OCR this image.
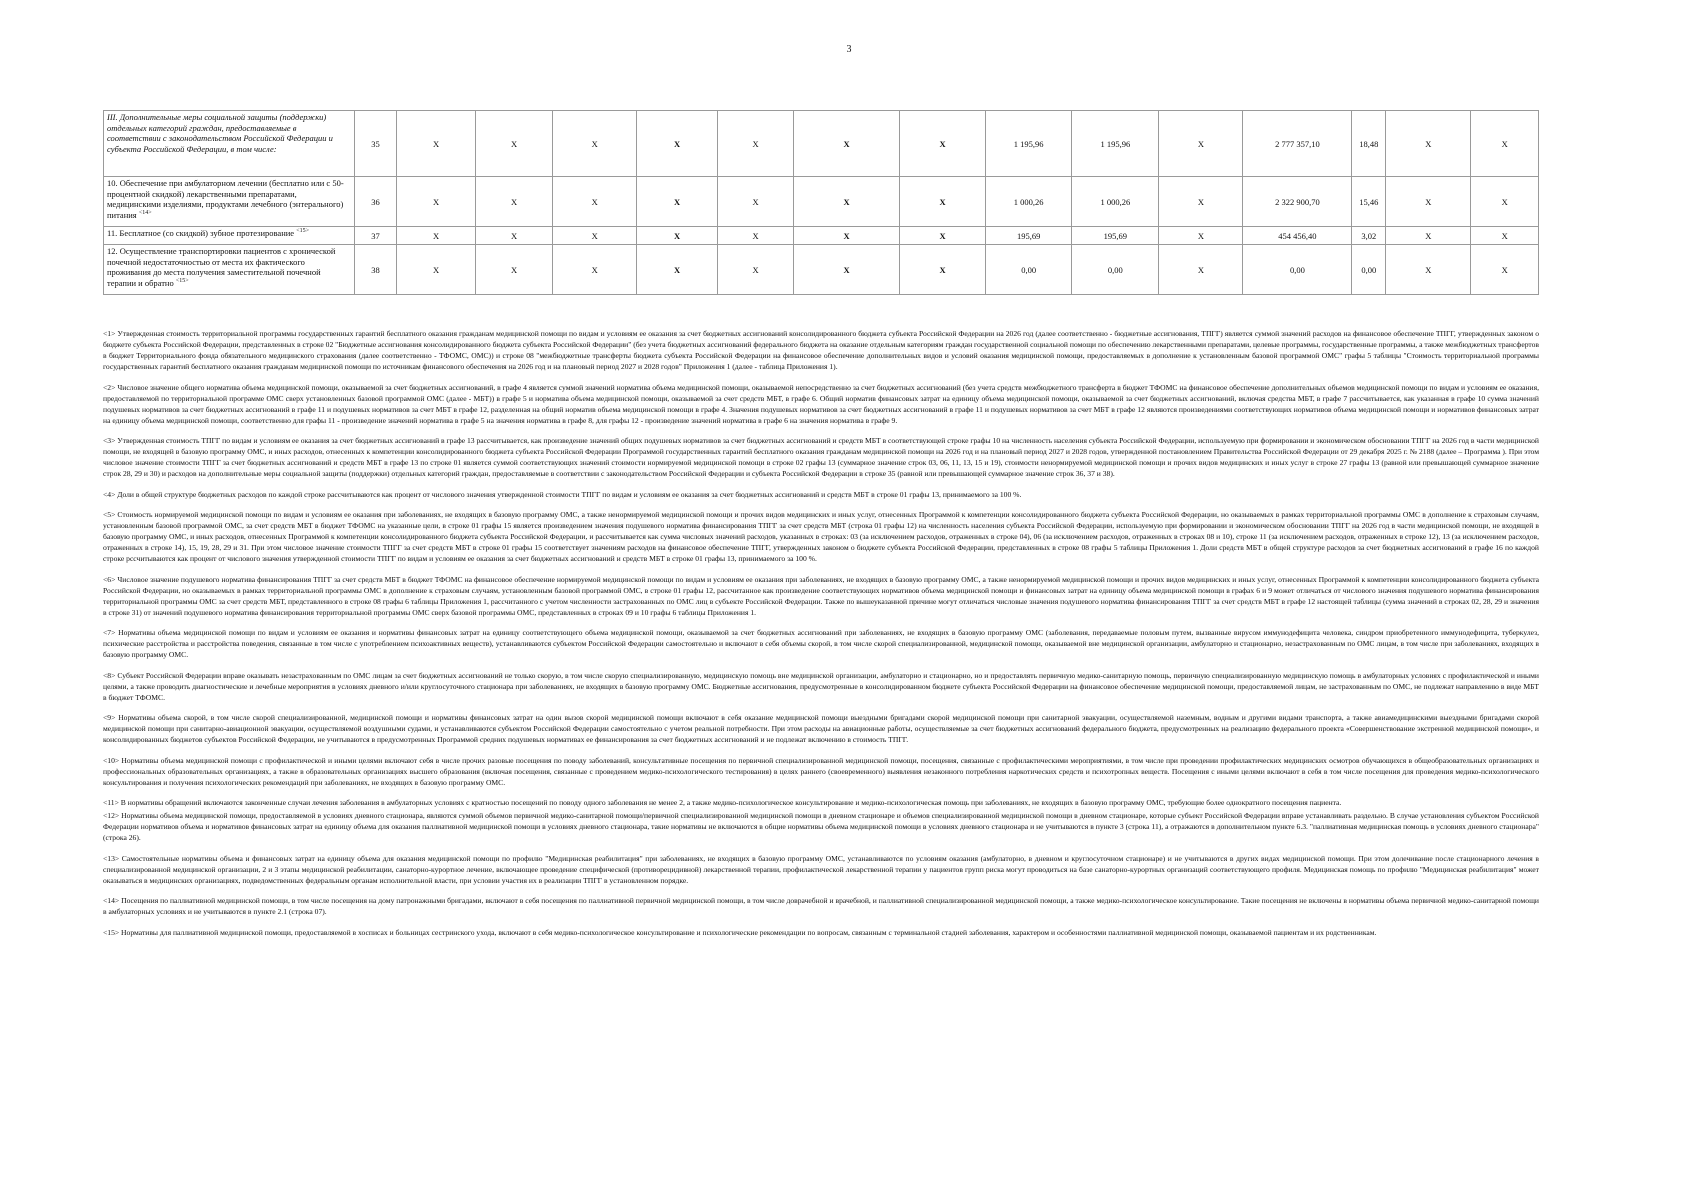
3
III. Дополнительные меры социальной защиты (поддержки) отдельных категорий граждан, предоставляемые в соответствии с законодательством Российской Федерации и субъекта Российской Федерации, в том числе:	35	X	X	X	X	X	X	X	1 195,96	1 195,96	X	2 777 357,10	18,48	X	X
10. Обеспечение при амбулаторном лечении (бесплатно или с 50- процентной скидкой) лекарственными препаратами, медицинскими изделиями, продуктами лечебного (энтерального) питания $^{<14>}$	36	X	X	X	X	X	X	X	1 000,26	1 000,26	X	2 322 900,70	15,46	X	X
11. Бесплатное (со скидкой) зубное протезирование $^{<15>}$	37	X	X	X	X	X	X	X	195,69	195,69	X	454 456,40	3,02	X	X
12. Осуществление транспортировки пациентов с хронической почечной недостаточностью от места их фактического проживания до места получения заместительной почечной терапии и обратно $^{<15>}$	38	X	X	X	X	X	X	X	0,00	0,00	X	0,00	0,00	X	X

<1> Утвержденная стоимость территориальной программы государственных гарантий бесплатного оказания гражданам медицинской помощи по видам и условиям ее оказания за счет бюджетных ассигнований консолидированного бюджета субъекта Российской Федерации на 2026 год (далее соответственно - бюджетные ассигнования, ТПГГ) является суммой значений расходов на финансовое обеспечение ТПГГ, утвержденных законом о бюджете субъекта Российской Федерации, представленных в строке 02 "Бюджетные ассигнования консолидированного бюджета субъекта Российской Федерации" (без учета бюджетных ассигнований федерального бюджета на оказание отдельным категориям граждан государственной социальной помощи по обеспечению лекарственными препаратами, целевые программы, государственные программы, а также межбюджетных трансфертов в бюджет Территориального фонда обязательного медицинского страхования (далее соответственно - ТФОМС, ОМС)) и строке 08 "межбюджетные трансферты бюджета субъекта Российской Федерации на финансовое обеспечение дополнительных видов и условий оказания медицинской помощи, предоставляемых в дополнение к установленным базовой программой ОМС" графы 5 таблицы "Стоимость территориальной программы государственных гарантий бесплатного оказания гражданам медицинской помощи по источникам финансового обеспечения на 2026 год и на плановый период 2027 и 2028 годов" Приложения 1 (далее - таблица Приложения 1).

<2> Числовое значение общего норматива объема медицинской помощи, оказываемой за счет бюджетных ассигнований, в графе 4 является суммой значений норматива объема медицинской помощи, оказываемой непосредственно за счет бюджетных ассигнований (без учета средств межбюджетного трансферта в бюджет ТФОМС на финансовое обеспечение дополнительных объемов медицинской помощи по видам и условиям ее оказания, предоставляемой по территориальной программе ОМС сверх установленных базовой программой ОМС (далее - МБТ)) в графе 5 и норматива объема медицинской помощи, оказываемой за счет средств МБТ, в графе 6. Общий норматив финансовых затрат на единицу объема медицинской помощи, оказываемой за счет бюджетных ассигнований, включая средства МБТ, в графе 7 рассчитывается, как указанная в графе 10 сумма значений подушевых нормативов за счет бюджетных ассигнований в графе 11 и подушевых нормативов за счет МБТ в графе 12, разделенная на общий норматив объема медицинской помощи в графе 4. Значения подушевых нормативов за счет бюджетных ассигнований в графе 11 и подушевых нормативов за счет МБТ в графе 12 являются произведениями соответствующих нормативов объема медицинской помощи и нормативов финансовых затрат на единицу объема медицинской помощи, соответственно для графы 11 - произведение значений норматива в графе 5 на значения норматива в графе 8, для графы 12 - произведение значений норматива в графе 6 на значения норматива в графе 9.

<3> Утвержденная стоимость ТПГГ по видам и условиям ее оказания за счет бюджетных ассигнований в графе 13 рассчитывается, как произведение значений общих подушевых нормативов за счет бюджетных ассигнований и средств МБТ в соответствующей строке графы 10 на численность населения субъекта Российской Федерации, используемую при формировании и экономическом обосновании ТПГГ на 2026 год в части медицинской помощи, не входящей в базовую программу ОМС, и иных расходов, отнесенных к компетенции консолидированного бюджета субъекта Российской Федерации Программой государственных гарантий бесплатного оказания гражданам медицинской помощи на 2026 год и на плановый период 2027 и 2028 годов, утвержденной постановлением Правительства Российской Федерации от 29 декабря 2025 г. № 2188 (далее – Программа ). При этом числовое значение стоимости ТПГГ за счет бюджетных ассигнований и средств МБТ в графе 13 по строке 01 является суммой соответствующих значений стоимости нормируемой медицинской помощи в строке 02 графы 13 (суммарное значение строк 03, 06, 11, 13, 15 и 19), стоимости ненормируемой медицинской помощи и прочих видов медицинских и иных услуг в строке 27 графы 13 (равной или превышающей суммарное значение строк 28, 29 и 30) и расходов на дополнительные меры социальной защиты (поддержки) отдельных категорий граждан, предоставляемые в соответствии с законодательством Российской Федерации и субъекта Российской Федерации в строке 35 (равной или превышающей суммарное значение строк 36, 37 и 38).

<4> Доли в общей структуре бюджетных расходов по каждой строке рассчитываются как процент от числового значения утвержденной стоимости ТПГГ по видам и условиям ее оказания за счет бюджетных ассигнований и средств МБТ в строке 01 графы 13, принимаемого за 100 %.

<5> Стоимость нормируемой медицинской помощи по видам и условиям ее оказания при заболеваниях, не входящих в базовую программу ОМС, а также ненормируемой медицинской помощи и прочих видов медицинских и иных услуг, отнесенных Программой к компетенции консолидированного бюджета субъекта Российской Федерации, но оказываемых в рамках территориальной программы ОМС в дополнение к страховым случаям, установленным базовой программой ОМС, за счет средств МБТ в бюджет ТФОМС на указанные цели, в строке 01 графы 15 является произведением значения подушевого норматива финансирования ТПГГ за счет средств МБТ (строка 01 графы 12) на численность населения субъекта Российской Федерации, используемую при формировании и экономическом обосновании ТПГГ на 2026 год в части медицинской помощи, не входящей в базовую программу ОМС, и иных расходов, отнесенных Программой к компетенции консолидированного бюджета субъекта Российской Федерации, и рассчитывается как сумма числовых значений расходов, указанных в строках: 03 (за исключением расходов, отраженных в строке 04), 06 (за исключением расходов, отраженных в строках 08 и 10), строке 11 (за исключением расходов, отраженных в строке 12), 13 (за исключением расходов, отраженных в строке 14), 15, 19, 28, 29 и 31. При этом числовое значение стоимости ТПГГ за счет средств МБТ в строке 01 графы 15 соответствует значениям расходов на финансовое обеспечение ТПГГ, утвержденных законом о бюджете субъекта Российской Федерации, представленных в строке 08 графы 5 таблицы Приложения 1. Доли средств МБТ в общей структуре расходов за счет бюджетных ассигнований в графе 16 по каждой строке рссчитываются как процент от числового значения утвержденной стоимости ТПГГ по видам и условиям ее оказания за счет бюджетных ассигнований и средств МБТ в строке 01 графы 13, принимаемого за 100 %.

<6> Числовое значение подушевого норматива финансирования ТПГГ за счет средств МБТ в бюджет ТФОМС на финансовое обеспечение нормируемой медицинской помощи по видам и условиям ее оказания при заболеваниях, не входящих в базовую программу ОМС, а также ненормируемой медицинской помощи и прочих видов медицинских и иных услуг, отнесенных Программой к компетенции консолидированного бюджета субъекта Российской Федерации, но оказываемых в рамках территориальной программы ОМС в дополнение к страховым случаям, установленным базовой программой ОМС, в строке 01 графы 12, рассчитанное как произведение соответствующих нормативов объема медицинской помощи и финансовых затрат на единицу объема медицинской помощи в графах 6 и 9 может отличаться от числового значения подушевого норматива финансирования территориальной программы ОМС за счет средств МБТ, представленного в строке 08 графы 6 таблицы Приложения 1, рассчитанного с учетом численности застрахованных по ОМС лиц в субъекте Российской Федерации. Также по вышеуказанной причине могут отличаться числовые значения подушевого норматива финансирования ТПГГ за счет средств МБТ в графе 12 настоящей таблицы (сумма значений в строках 02, 28, 29 и значения в строке 31) от значений подушевого норматива финансирования территориальной программы ОМС сверх базовой программы ОМС, представленных в строках 09 и 10 графы 6 таблицы Приложения 1.

<7> Нормативы объема медицинской помощи по видам и условиям ее оказания и нормативы финансовых затрат на единицу соответствующего объема медицинской помощи, оказываемой за счет бюджетных ассигнований при заболеваниях, не входящих в базовую программу ОМС (заболевания, передаваемые половым путем, вызванные вирусом иммунодефицита человека, синдром приобретенного иммунодефицита, туберкулез, психические расстройства и расстройства поведения, связанные в том числе с употреблением психоактивных веществ), устанавливаются субъектом Российской Федерации самостоятельно и включают в себя объемы скорой, в том числе скорой специализированной, медицинской помощи, оказываемой вне медицинской организации, амбулаторно и стационарно, незастрахованным по ОМС лицам, в том числе при заболеваниях, входящих в базовую программу ОМС.

<8> Субъект Российской Федерации вправе оказывать незастрахованным по ОМС лицам за счет бюджетных ассигнований не только скорую, в том числе скорую специализированную, медицинскую помощь вне медицинской организации, амбулаторно и стационарно, но и предоставлять первичную медико-санитарную помощь, первичную специализированную медицинскую помощь в амбулаторных условиях с профилактической и иными целями, а также проводить диагностические и лечебные мероприятия в условиях дневного и/или круглосуточного стационара при заболеваниях, не входящих в базовую программу ОМС. Бюджетные ассигнования, предусмотренные в консолидированном бюджете субъекта Российской Федерации на финансовое обеспечение медицинской помощи, предоставляемой лицам, не застрахованным по ОМС, не подлежат направлению в виде МБТ в бюджет ТФОМС.

<9> Нормативы объема скорой, в том числе скорой специализированной, медицинской помощи и нормативы финансовых затрат на один вызов скорой медицинской помощи включают в себя оказание медицинской помощи выездными бригадами скорой медицинской помощи при санитарной эвакуации, осуществляемой наземным, водным и другими видами транспорта, а также авиамедицинскими выездными бригадами скорой медицинской помощи при санитарно-авиационной эвакуации, осуществляемой воздушными судами, и устанавливаются субъектом Российской Федерации самостоятельно с учетом реальной потребности. При этом расходы на авиационные работы, осуществляемые за счет бюджетных ассигнований федерального бюджета, предусмотренных на реализацию федерального проекта «Совершенствование экстренной медицинской помощи», и консолидированных бюджетов субъектов Российской Федерации, не учитываются в предусмотренных Программой средних подушевых нормативах ее финансирования за счет бюджетных ассигнований и не подлежат включению в стоимость ТПГГ.

<10> Нормативы объема медицинской помощи с профилактической и иными целями включают себя в числе прочих разовые посещения по поводу заболеваний, консультативные посещения по первичной специализированной медицинской помощи, посещения, связанные с профилактическими мероприятиями, в том числе при проведении профилактических медицинских осмотров обучающихся в общеобразовательных организациях и профессиональных образовательных организациях, а также в образовательных организациях высшего образования (включая посещения, связанные с проведением медико-психологического тестирования) в целях раннего (своевременного) выявления незаконного потребления наркотических средств и психотропных веществ. Посещения с иными целями включают в себя в том числе посещения для проведения медико-психологического консультирования и получения психологических рекомендаций при заболеваниях, не входящих в базовую программу ОМС.

<11> В нормативы обращений включаются законченные случаи лечения заболевания в амбулаторных условиях с кратностью посещений по поводу одного заболевания не менее 2, а также медико-психологическое консультирование и медико-психологическая помощь при заболеваниях, не входящих в базовую программу ОМС, требующие более однократного посещения пациента.

<12> Нормативы объема медицинской помощи, предоставляемой в условиях дневного стационара, являются суммой объемов первичной медико-санитарной помощи/первичной специализированной медицинской помощи в дневном стационаре и объемов специализированной медицинской помощи в дневном стационаре, которые субъект Российской Федерации вправе устанавливать раздельно. В случае установления субъектом Российской Федерации нормативов объема и нормативов финансовых затрат на единицу объема для оказания паллиативной медицинской помощи в условиях дневного стационара, такие нормативы не включаются в общие нормативы объема медицинской помощи в условиях дневного стационара и не учитываются в пункте 3 (строка 11), а отражаются в дополнительном пункте 6.3. "паллиативная медицинская помощь в условиях дневного стационара" (строка 26).

<13> Самостоятельные нормативы объема и финансовых затрат на единицу объема для оказания медицинской помощи по профилю "Медицинская реабилитация" при заболеваниях, не входящих в базовую программу ОМС, устанавливаются по условиям оказания (амбулаторно, в дневном и круглосуточном стационаре) и не учитываются в других видах медицинской помощи. При этом долечивание после стационарного лечения в специализированной медицинской организации, 2 и 3 этапы медицинской реабилитации, санаторно-курортное лечение, включающее проведение специфической (противорецидивной) лекарственной терапии, профилактической лекарственной терапии у пациентов групп риска могут проводиться на базе санаторно-курортных организаций соответствующего профиля. Медицинская помощь по профилю "Медицинская реабилитация" может оказываться в медицинских организациях, подведомственных федеральным органам исполнительной власти, при условии участия их в реализации ТПГГ в установленном порядке.

<14> Посещения по паллиативной медицинской помощи, в том числе посещения на дому патронажными бригадами, включают в себя посещения по паллиативной первичной медицинской помощи, в том числе доврачебной и врачебной, и паллиативной специализированной медицинской помощи, а также медико-психологическое консультирование. Такие посещения не включены в нормативы объема первичной медико-санитарной помощи в амбулаторных условиях и не учитываются в пункте 2.1 (строка 07).

<15> Нормативы для паллиативной медицинской помощи, предоставляемой в хосписах и больницах сестринского ухода, включают в себя медико-психологическое консультирование и психологические рекомендации по вопросам, связанным с терминальной стадией заболевания, характером и особенностями паллиативной медицинской помощи, оказываемой пациентам и их родственникам.
